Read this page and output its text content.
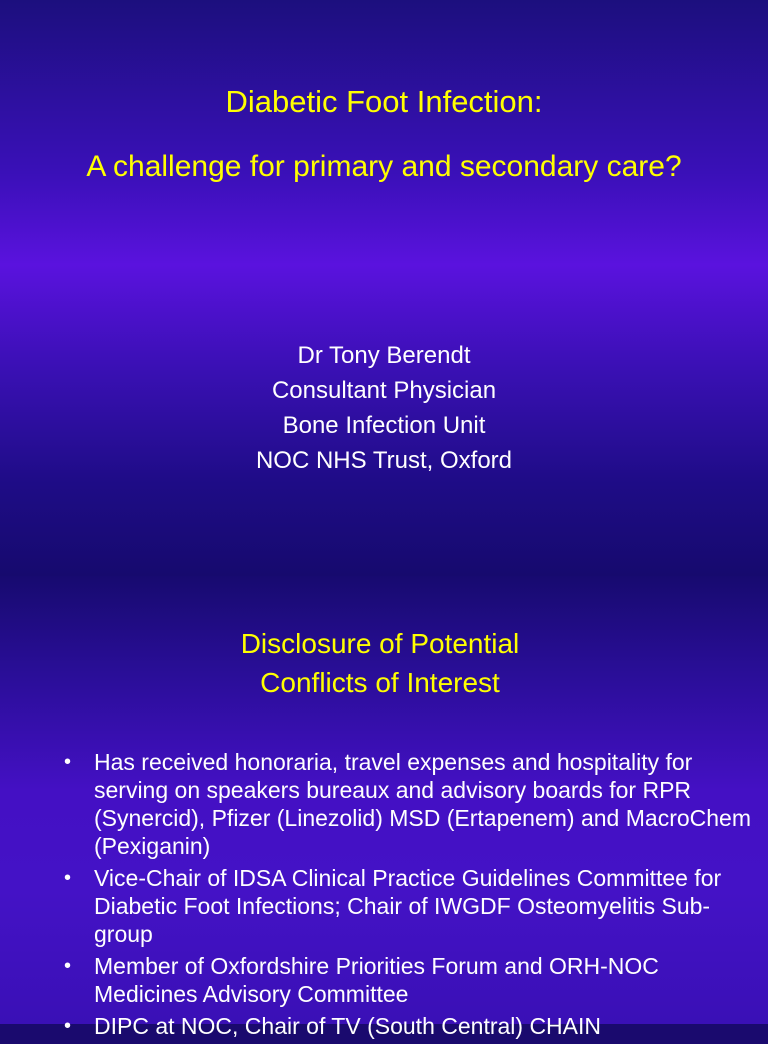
Diabetic Foot Infection:
A challenge for primary and secondary care?
Dr Tony Berendt
Consultant Physician
Bone Infection Unit
NOC NHS Trust, Oxford
Disclosure of Potential
Conflicts of Interest
• Has received honoraria, travel expenses and hospitality for serving on speakers bureaux and advisory boards for RPR (Synercid), Pfizer (Linezolid) MSD (Ertapenem) and MacroChem (Pexiganin)
• Vice-Chair of IDSA Clinical Practice Guidelines Committee for Diabetic Foot Infections; Chair of IWGDF Osteomyelitis Sub-group
• Member of Oxfordshire Priorities Forum and ORH-NOC Medicines Advisory Committee
• DIPC at NOC, Chair of TV (South Central) CHAIN
